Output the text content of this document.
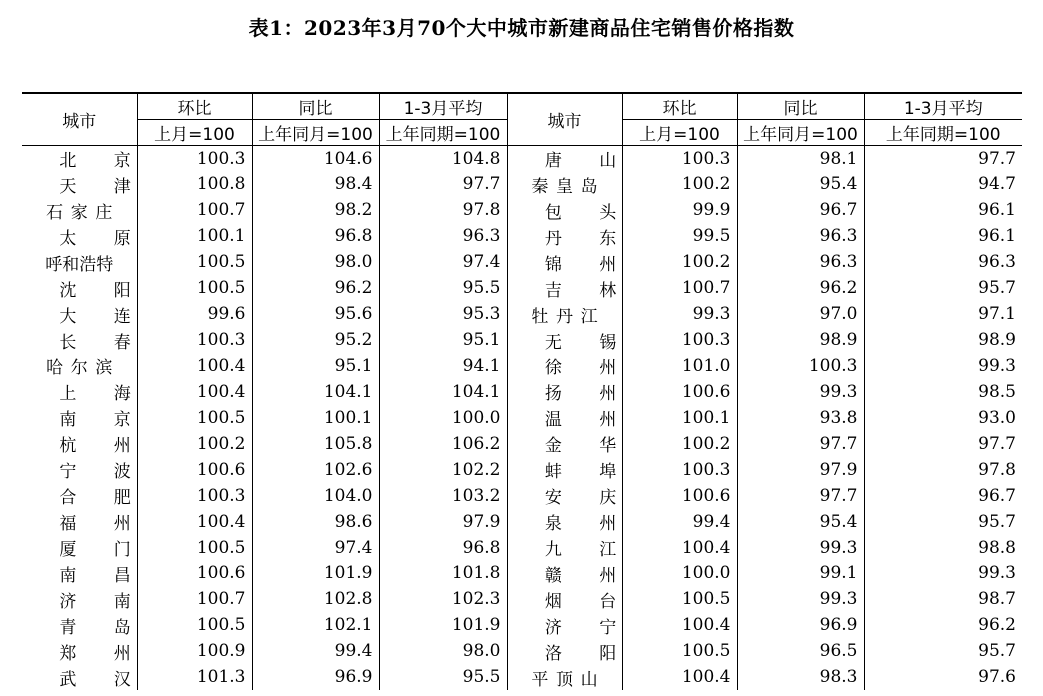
表1：2023年3月70个大中城市新建商品住宅销售价格指数
城市	环比	同比	1-3月平均	城市	环比	同比	1-3月平均
	上月=100	上年同月=100	上年同期=100		上月=100	上年同月=100	上年同期=100
北京	100.3	104.6	104.8	唐山	100.3	98.1	97.7
天津	100.8	98.4	97.7	秦皇岛	100.2	95.4	94.7
石家庄	100.7	98.2	97.8	包头	99.9	96.7	96.1
太原	100.1	96.8	96.3	丹东	99.5	96.3	96.1
呼和浩特	100.5	98.0	97.4	锦州	100.2	96.3	96.3
沈阳	100.5	96.2	95.5	吉林	100.7	96.2	95.7
大连	99.6	95.6	95.3	牡丹江	99.3	97.0	97.1
长春	100.3	95.2	95.1	无锡	100.3	98.9	98.9
哈尔滨	100.4	95.1	94.1	徐州	101.0	100.3	99.3
上海	100.4	104.1	104.1	扬州	100.6	99.3	98.5
南京	100.5	100.1	100.0	温州	100.1	93.8	93.0
杭州	100.2	105.8	106.2	金华	100.2	97.7	97.7
宁波	100.6	102.6	102.2	蚌埠	100.3	97.9	97.8
合肥	100.3	104.0	103.2	安庆	100.6	97.7	96.7
福州	100.4	98.6	97.9	泉州	99.4	95.4	95.7
厦门	100.5	97.4	96.8	九江	100.4	99.3	98.8
南昌	100.6	101.9	101.8	赣州	100.0	99.1	99.3
济南	100.7	102.8	102.3	烟台	100.5	99.3	98.7
青岛	100.5	102.1	101.9	济宁	100.4	96.9	96.2
郑州	100.9	99.4	98.0	洛阳	100.5	96.5	95.7
武汉	101.3	96.9	95.5	平顶山	100.4	98.3	97.6
